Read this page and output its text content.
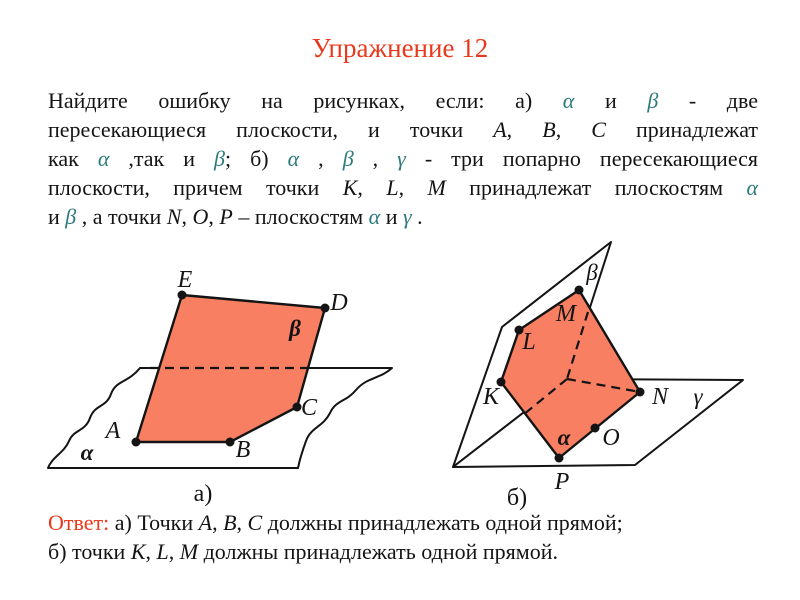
Упражнение 12
Найдите ошибку на рисунках, если: а) α и β - две
пересекающиеся плоскости, и точки A, B, C принадлежат
как α ,так и β; б) α , β , γ - три попарно пересекающиеся
плоскости, причем точки K, L, M принадлежат плоскостям α
и β , а точки N, O, P – плоскостям α и γ .
E
D
C
A
B
β
α
а)
M
L
K	N
O
P
β
γ
α
б)
Ответ: а) Точки A, B, C должны принадлежать одной прямой;
б) точки K, L, M должны принадлежать одной прямой.
